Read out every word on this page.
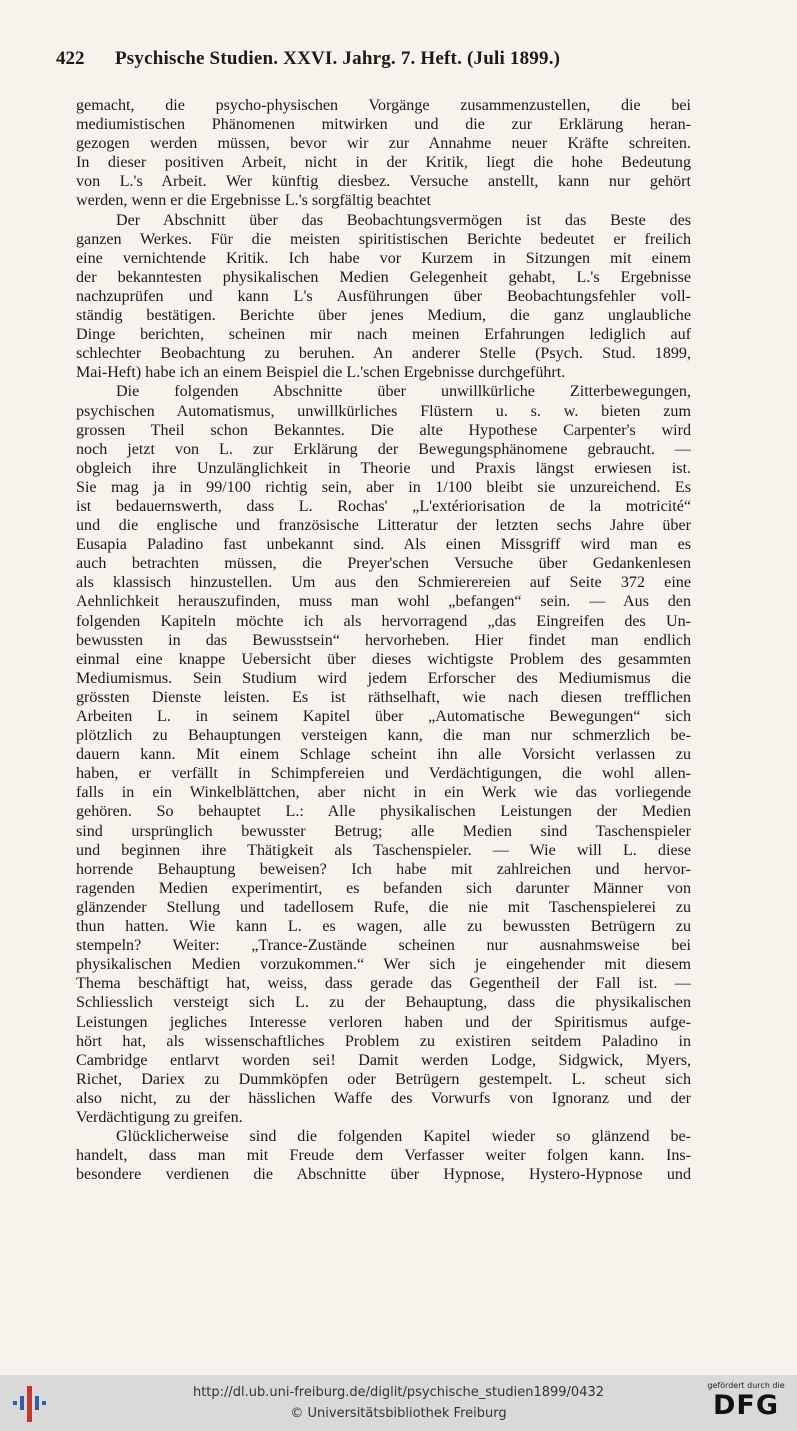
422 Psychische Studien. XXVI. Jahrg. 7. Heft. (Juli 1899.)
gemacht, die psycho-physischen Vorgänge zusammenzustellen, die bei
mediumistischen Phänomenen mitwirken und die zur Erklärung heran-
gezogen werden müssen, bevor wir zur Annahme neuer Kräfte schreiten.
In dieser positiven Arbeit, nicht in der Kritik, liegt die hohe Bedeutung
von L.'s Arbeit. Wer künftig diesbez. Versuche anstellt, kann nur gehört
werden, wenn er die Ergebnisse L.'s sorgfältig beachtet
Der Abschnitt über das Beobachtungsvermögen ist das Beste des
ganzen Werkes. Für die meisten spiritistischen Berichte bedeutet er freilich
eine vernichtende Kritik. Ich habe vor Kurzem in Sitzungen mit einem
der bekanntesten physikalischen Medien Gelegenheit gehabt, L.'s Ergebnisse
nachzuprüfen und kann L's Ausführungen über Beobachtungsfehler voll-
ständig bestätigen. Berichte über jenes Medium, die ganz unglaubliche
Dinge berichten, scheinen mir nach meinen Erfahrungen lediglich auf
schlechter Beobachtung zu beruhen. An anderer Stelle (Psych. Stud. 1899,
Mai-Heft) habe ich an einem Beispiel die L.'schen Ergebnisse durchgeführt.
Die folgenden Abschnitte über unwillkürliche Zitterbewegungen,
psychischen Automatismus, unwillkürliches Flüstern u. s. w. bieten zum
grossen Theil schon Bekanntes. Die alte Hypothese Carpenter's wird
noch jetzt von L. zur Erklärung der Bewegungsphänomene gebraucht. —
obgleich ihre Unzulänglichkeit in Theorie und Praxis längst erwiesen ist.
Sie mag ja in 99/100 richtig sein, aber in 1/100 bleibt sie unzureichend. Es
ist bedauernswerth, dass L. Rochas' „L'extériorisation de la motricité“
und die englische und französische Litteratur der letzten sechs Jahre über
Eusapia Paladino fast unbekannt sind. Als einen Missgriff wird man es
auch betrachten müssen, die Preyer'schen Versuche über Gedankenlesen
als klassisch hinzustellen. Um aus den Schmierereien auf Seite 372 eine
Aehnlichkeit herauszufinden, muss man wohl „befangen“ sein. — Aus den
folgenden Kapiteln möchte ich als hervorragend „das Eingreifen des Un-
bewussten in das Bewusstsein“ hervorheben. Hier findet man endlich
einmal eine knappe Uebersicht über dieses wichtigste Problem des gesammten
Mediumismus. Sein Studium wird jedem Erforscher des Mediumismus die
grössten Dienste leisten. Es ist räthselhaft, wie nach diesen trefflichen
Arbeiten L. in seinem Kapitel über „Automatische Bewegungen“ sich
plötzlich zu Behauptungen versteigen kann, die man nur schmerzlich be-
dauern kann. Mit einem Schlage scheint ihn alle Vorsicht verlassen zu
haben, er verfällt in Schimpfereien und Verdächtigungen, die wohl allen-
falls in ein Winkelblättchen, aber nicht in ein Werk wie das vorliegende
gehören. So behauptet L.: Alle physikalischen Leistungen der Medien
sind ursprünglich bewusster Betrug; alle Medien sind Taschenspieler
und beginnen ihre Thätigkeit als Taschenspieler. — Wie will L. diese
horrende Behauptung beweisen? Ich habe mit zahlreichen und hervor-
ragenden Medien experimentirt, es befanden sich darunter Männer von
glänzender Stellung und tadellosem Rufe, die nie mit Taschenspielerei zu
thun hatten. Wie kann L. es wagen, alle zu bewussten Betrügern zu
stempeln? Weiter: „Trance-Zustände scheinen nur ausnahmsweise bei
physikalischen Medien vorzukommen.“ Wer sich je eingehender mit diesem
Thema beschäftigt hat, weiss, dass gerade das Gegentheil der Fall ist. —
Schliesslich versteigt sich L. zu der Behauptung, dass die physikalischen
Leistungen jegliches Interesse verloren haben und der Spiritismus aufge-
hört hat, als wissenschaftliches Problem zu existiren seitdem Paladino in
Cambridge entlarvt worden sei! Damit werden Lodge, Sidgwick, Myers,
Richet, Dariex zu Dummköpfen oder Betrügern gestempelt. L. scheut sich
also nicht, zu der hässlichen Waffe des Vorwurfs von Ignoranz und der
Verdächtigung zu greifen.
Glücklicherweise sind die folgenden Kapitel wieder so glänzend be-
handelt, dass man mit Freude dem Verfasser weiter folgen kann. Ins-
besondere verdienen die Abschnitte über Hypnose, Hystero-Hypnose und
http://dl.ub.uni-freiburg.de/diglit/psychische_studien1899/0432
© Universitätsbibliothek Freiburg
gefördert durch die
DFG
